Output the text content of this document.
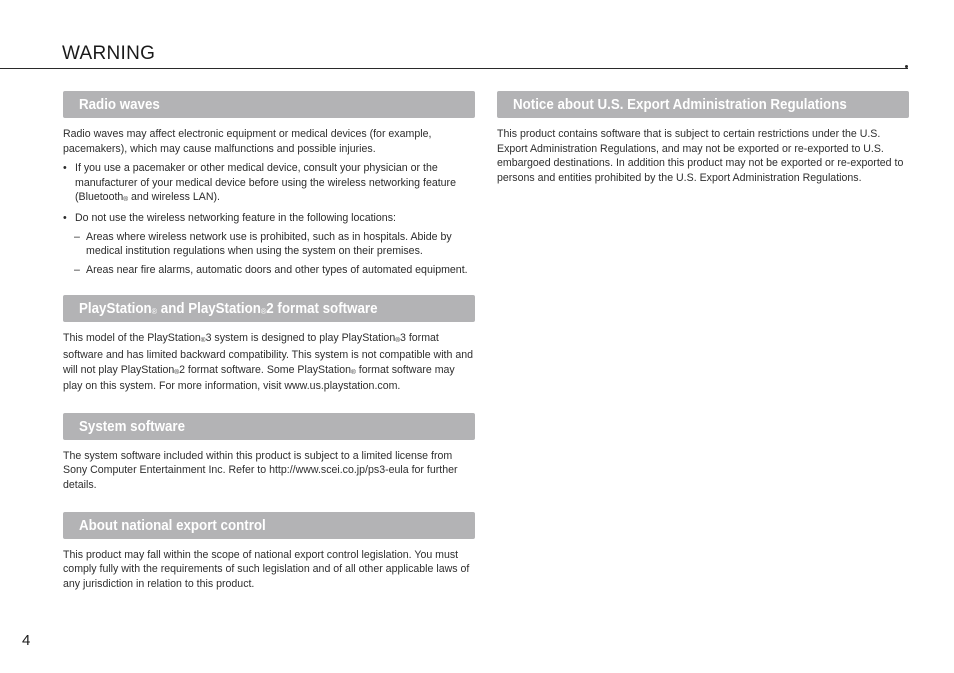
WARNING
Radio waves

Radio waves may affect electronic equipment or medical devices (for example, pacemakers), which may cause malfunctions and possible injuries.

• If you use a pacemaker or other medical device, consult your physician or the manufacturer of your medical device before using the wireless networking feature (Bluetooth® and wireless LAN).
• Do not use the wireless networking feature in the following locations:
– Areas where wireless network use is prohibited, such as in hospitals. Abide by medical institution regulations when using the system on their premises.
– Areas near fire alarms, automatic doors and other types of automated equipment.
PlayStation® and PlayStation®2 format software

This model of the PlayStation®3 system is designed to play PlayStation®3 format software and has limited backward compatibility. This system is not compatible with and will not play PlayStation®2 format software. Some PlayStation® format software may play on this system. For more information, visit www.us.playstation.com.

System software

The system software included within this product is subject to a limited license from Sony Computer Entertainment Inc. Refer to http://www.scei.co.jp/ps3-eula for further details.

About national export control

This product may fall within the scope of national export control legislation. You must comply fully with the requirements of such legislation and of all other applicable laws of any jurisdiction in relation to this product.

Notice about U.S. Export Administration Regulations

This product contains software that is subject to certain restrictions under the U.S. Export Administration Regulations, and may not be exported or re-exported to U.S. embargoed destinations. In addition this product may not be exported or re-exported to persons and entities prohibited by the U.S. Export Administration Regulations.

4
